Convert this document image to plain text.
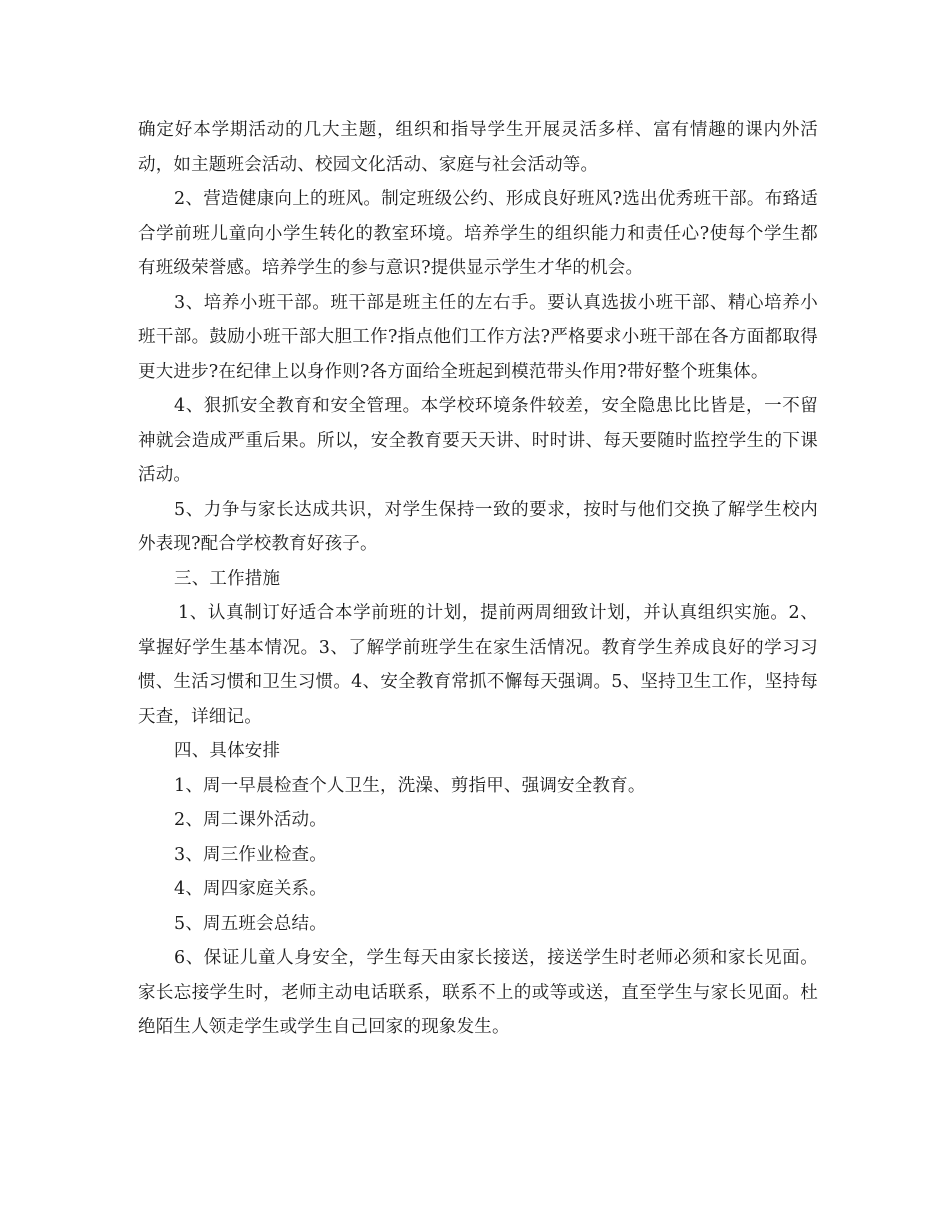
确定好本学期活动的几大主题，组织和指导学生开展灵活多样、富有情趣的课内外活动，如主题班会活动、校园文化活动、家庭与社会活动等。

2、营造健康向上的班风。制定班级公约、形成良好班风?选出优秀班干部。布臵适合学前班儿童向小学生转化的教室环境。培养学生的组织能力和责任心?使每个学生都有班级荣誉感。培养学生的参与意识?提供显示学生才华的机会。

3、培养小班干部。班干部是班主任的左右手。要认真选拔小班干部、精心培养小班干部。鼓励小班干部大胆工作?指点他们工作方法?严格要求小班干部在各方面都取得更大进步?在纪律上以身作则?各方面给全班起到模范带头作用?带好整个班集体。

4、狠抓安全教育和安全管理。本学校环境条件较差，安全隐患比比皆是，一不留神就会造成严重后果。所以，安全教育要天天讲、时时讲、每天要随时监控学生的下课活动。

5、力争与家长达成共识，对学生保持一致的要求，按时与他们交换了解学生校内外表现?配合学校教育好孩子。

三、工作措施

1、认真制订好适合本学前班的计划，提前两周细致计划，并认真组织实施。2、掌握好学生基本情况。3、了解学前班学生在家生活情况。教育学生养成良好的学习习惯、生活习惯和卫生习惯。4、安全教育常抓不懈每天强调。5、坚持卫生工作，坚持每天查，详细记。

四、具体安排

1、周一早晨检查个人卫生，洗澡、剪指甲、强调安全教育。

2、周二课外活动。

3、周三作业检查。

4、周四家庭关系。

5、周五班会总结。

6、保证儿童人身安全，学生每天由家长接送，接送学生时老师必须和家长见面。家长忘接学生时，老师主动电话联系，联系不上的或等或送，直至学生与家长见面。杜绝陌生人领走学生或学生自己回家的现象发生。
